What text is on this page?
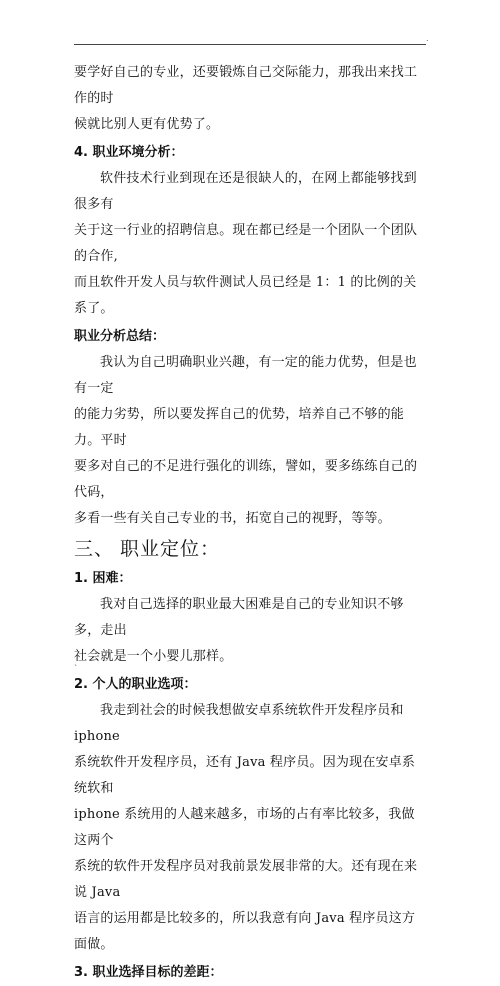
.

要学好自己的专业，还要锻炼自己交际能力，那我出来找工作的时

候就比别人更有优势了。

4. 职业环境分析：

软件技术行业到现在还是很缺人的，在网上都能够找到很多有

关于这一行业的招聘信息。现在都已经是一个团队一个团队的合作,

而且软件开发人员与软件测试人员已经是 1：1 的比例的关系了。

职业分析总结：

我认为自己明确职业兴趣，有一定的能力优势，但是也有一定

的能力劣势，所以要发挥自己的优势，培养自己不够的能力。平时

要多对自己的不足进行强化的训练，譬如，要多练练自己的代码，

多看一些有关自己专业的书，拓宽自己的视野，等等。

三、 职业定位：

1. 困难：

我对自己选择的职业最大困难是自己的专业知识不够多，走出

社会就是一个小婴儿那样。

2. 个人的职业选项：

我走到社会的时候我想做安卓系统软件开发程序员和 iphone

系统软件开发程序员，还有 Java 程序员。因为现在安卓系统软和

iphone 系统用的人越来越多，市场的占有率比较多，我做这两个

系统的软件开发程序员对我前景发展非常的大。还有现在来说 Java

语言的运用都是比较多的，所以我意有向 Java 程序员这方面做。

3. 职业选择目标的差距：

`
